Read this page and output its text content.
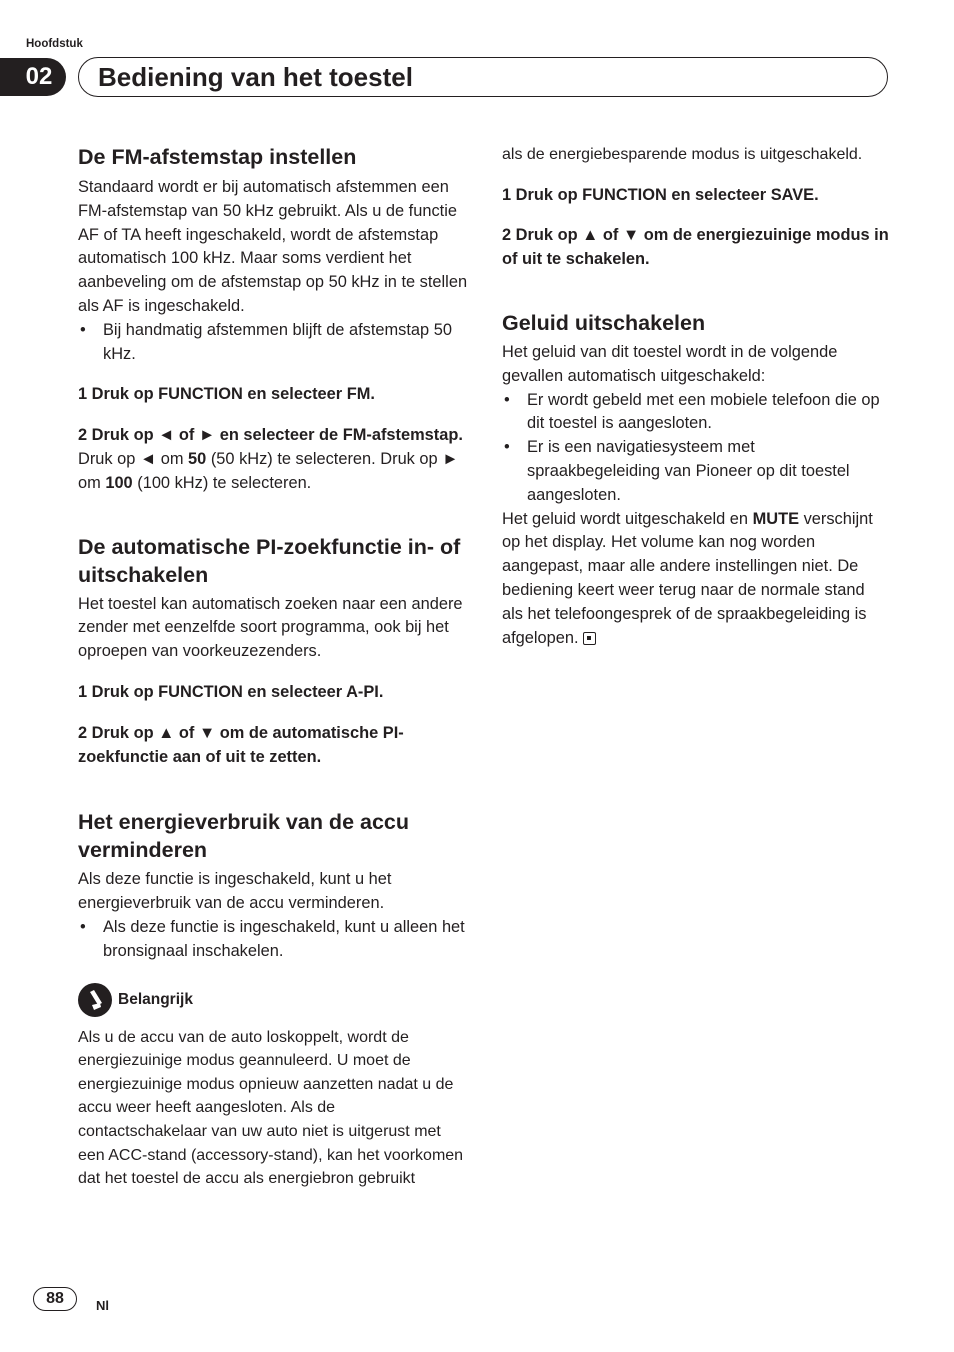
Hoofdstuk
02	Bediening van het toestel
De FM-afstemstap instellen

Standaard wordt er bij automatisch afstemmen een FM-afstemstap van 50 kHz gebruikt. Als u de functie AF of TA heeft ingeschakeld, wordt de afstemstap automatisch 100 kHz. Maar soms verdient het aanbeveling om de afstemstap op 50 kHz in te stellen als AF is ingeschakeld.

• Bij handmatig afstemmen blijft de afstemstap 50 kHz.

1 Druk op FUNCTION en selecteer FM.

2 Druk op ◄ of ► en selecteer de FM-afstemstap.

Druk op ◄ om 50 (50 kHz) te selecteren. Druk op ► om 100 (100 kHz) te selecteren.

De automatische PI-zoekfunctie in- of uitschakelen

Het toestel kan automatisch zoeken naar een andere zender met eenzelfde soort programma, ook bij het oproepen van voorkeuzezenders.

1 Druk op FUNCTION en selecteer A-PI.

2 Druk op ▲ of ▼ om de automatische PI-zoekfunctie aan of uit te zetten.

Het energieverbruik van de accu verminderen

Als deze functie is ingeschakeld, kunt u het energieverbruik van de accu verminderen.

• Als deze functie is ingeschakeld, kunt u alleen het bronsignaal inschakelen.
Belangrijk

Als u de accu van de auto loskoppelt, wordt de energiezuinige modus geannuleerd. U moet de energiezuinige modus opnieuw aanzetten nadat u de accu weer heeft aangesloten. Als de contactschakelaar van uw auto niet is uitgerust met een ACC-stand (accessory-stand), kan het voorkomen dat het toestel de accu als energiebron gebruikt

als de energiebesparende modus is uitgeschakeld.

1 Druk op FUNCTION en selecteer SAVE.

2 Druk op ▲ of ▼ om de energiezuinige modus in of uit te schakelen.

Geluid uitschakelen

Het geluid van dit toestel wordt in de volgende gevallen automatisch uitgeschakeld:

• Er wordt gebeld met een mobiele telefoon die op dit toestel is aangesloten.
• Er is een navigatiesysteem met spraakbegeleiding van Pioneer op dit toestel aangesloten.

Het geluid wordt uitgeschakeld en MUTE verschijnt op het display. Het volume kan nog worden aangepast, maar alle andere instellingen niet. De bediening keert weer terug naar de normale stand als het telefoongesprek of de spraakbegeleiding is afgelopen.

88	Nl
